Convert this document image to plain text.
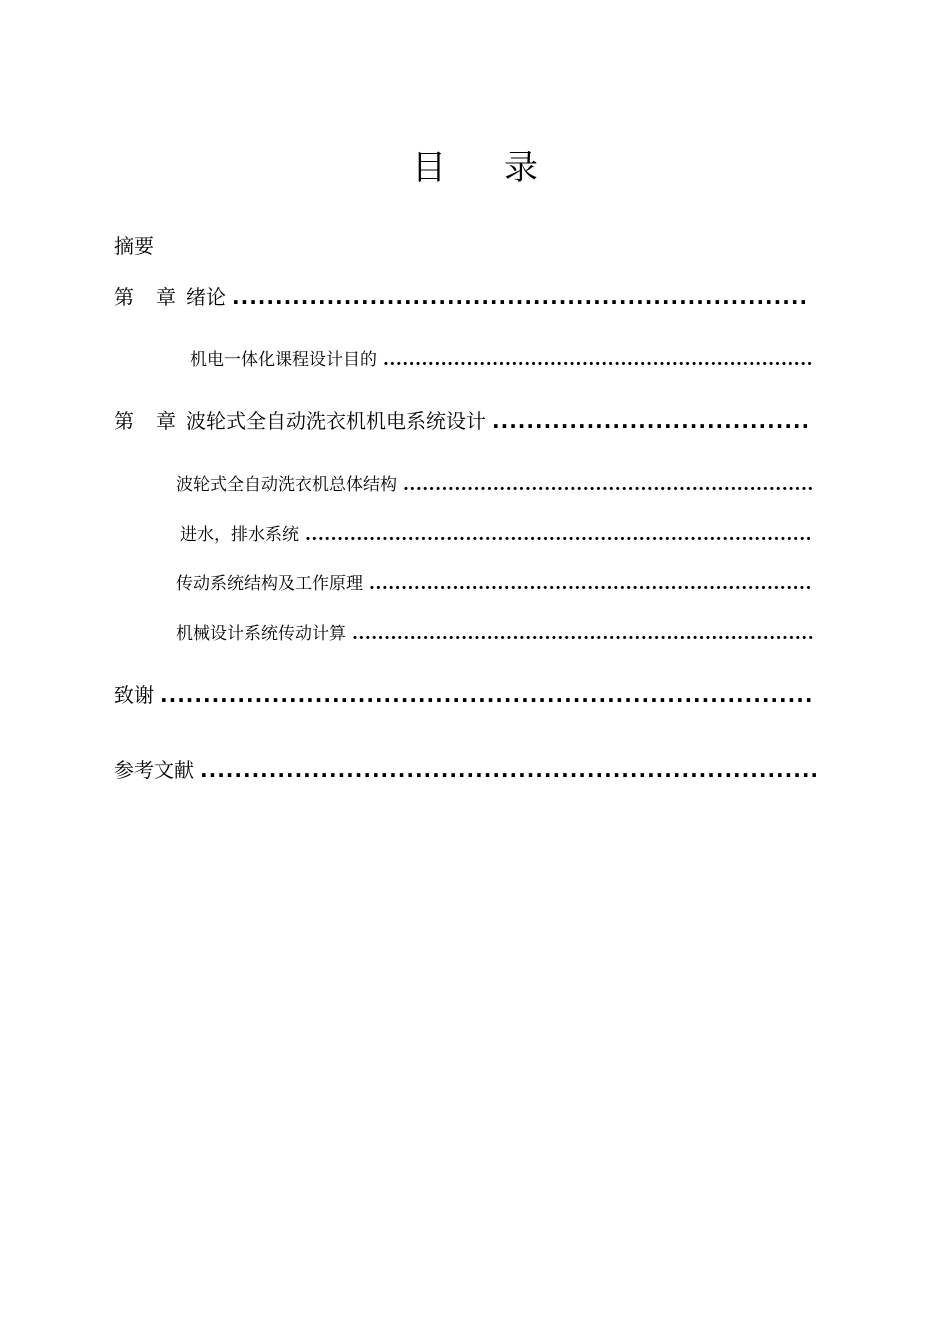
目 录
摘要
第 章 绪论
.....
机电一体化课程设计目的
.....
第 章 波轮式全自动洗衣机机电系统设计
.....
波轮式全自动洗衣机总体结构
.....
进水，排水系统
.....
传动系统结构及工作原理
.....
机械设计系统传动计算
.....
致谢
.....
参考文献
.....
